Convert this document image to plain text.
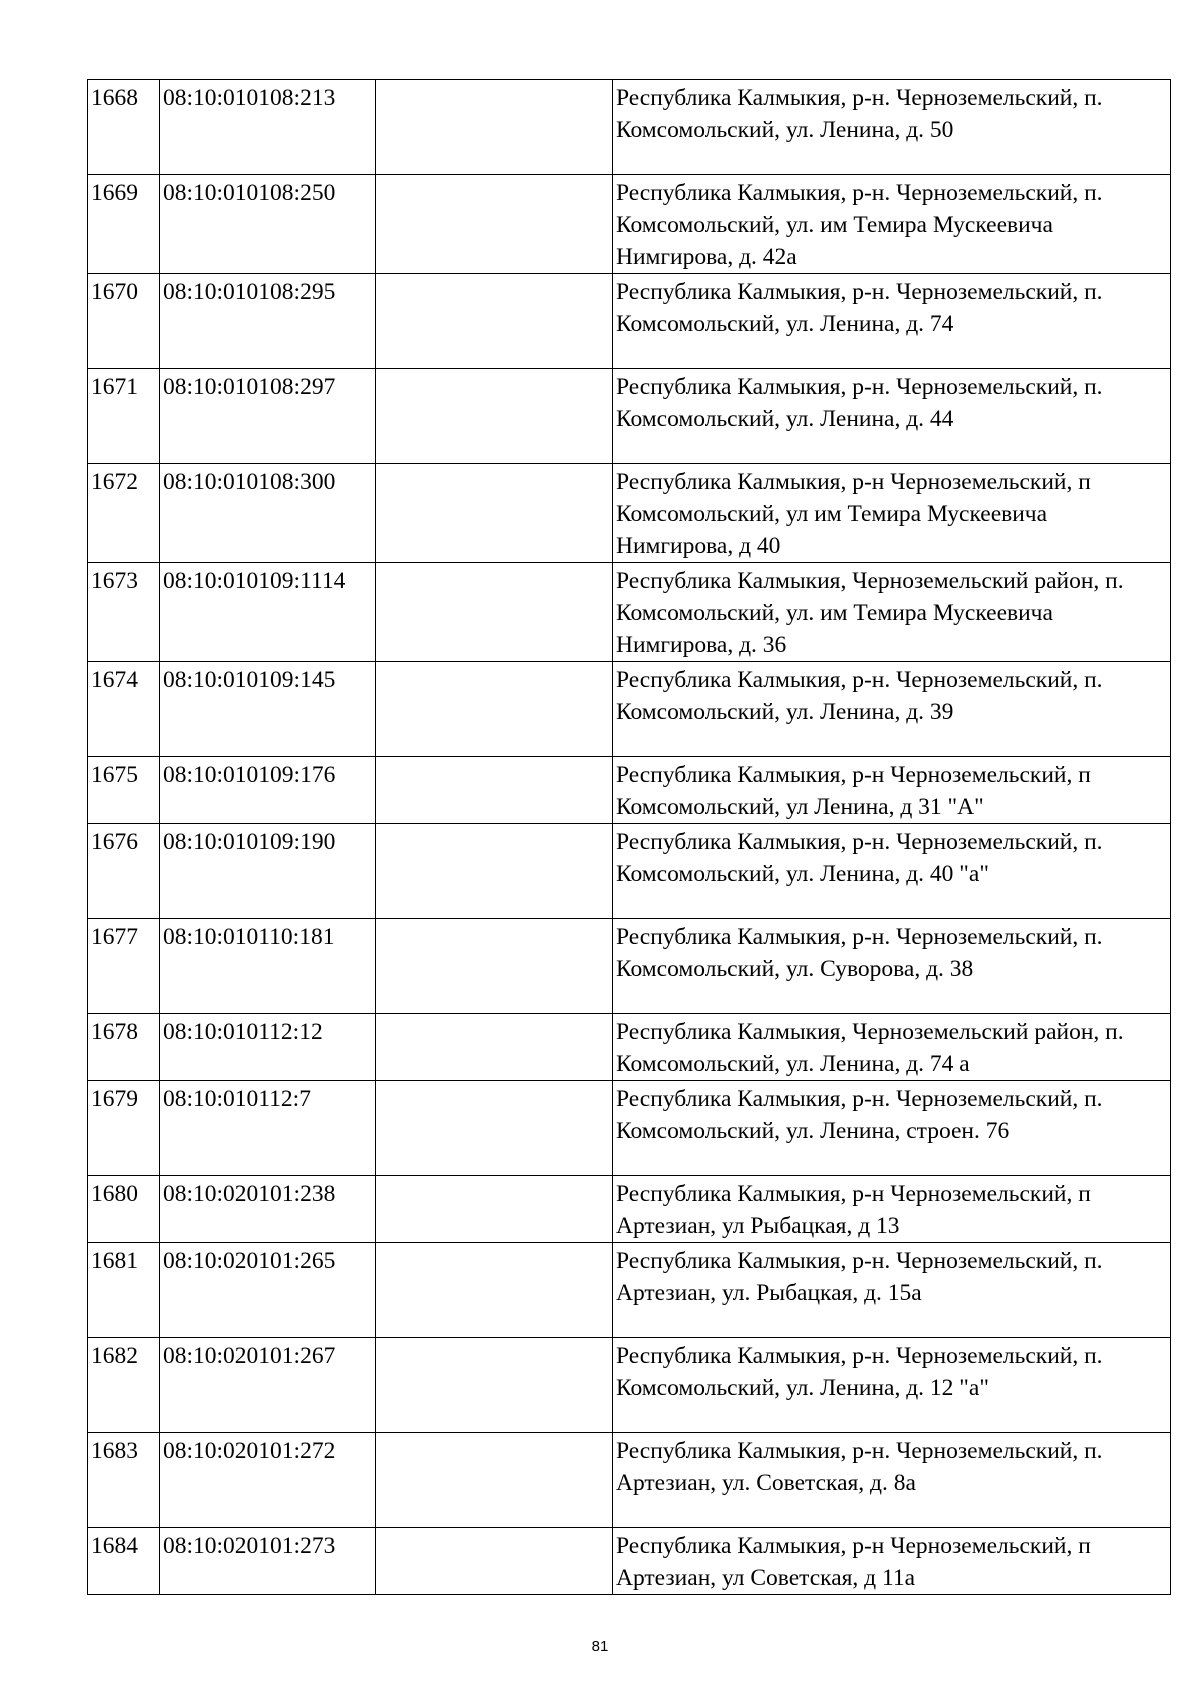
1668	08:10:010108:213		Республика Калмыкия, р-н. Черноземельский, п. Комсомольский, ул. Ленина, д. 50
1669	08:10:010108:250		Республика Калмыкия, р-н. Черноземельский, п. Комсомольский, ул. им Темира Мускеевича Нимгирова, д. 42а
1670	08:10:010108:295		Республика Калмыкия, р-н. Черноземельский, п. Комсомольский, ул. Ленина, д. 74
1671	08:10:010108:297		Республика Калмыкия, р-н. Черноземельский, п. Комсомольский, ул. Ленина, д. 44
1672	08:10:010108:300		Республика Калмыкия, р-н Черноземельский, п Комсомольский, ул им Темира Мускеевича Нимгирова, д 40
1673	08:10:010109:1114		Республика Калмыкия, Черноземельский район, п. Комсомольский, ул. им Темира Мускеевича Нимгирова, д. 36
1674	08:10:010109:145		Республика Калмыкия, р-н. Черноземельский, п. Комсомольский, ул. Ленина, д. 39
1675	08:10:010109:176		Республика Калмыкия, р-н Черноземельский, п Комсомольский, ул Ленина, д 31 "А"
1676	08:10:010109:190		Республика Калмыкия, р-н. Черноземельский, п. Комсомольский, ул. Ленина, д. 40 "а"
1677	08:10:010110:181		Республика Калмыкия, р-н. Черноземельский, п. Комсомольский, ул. Суворова, д. 38
1678	08:10:010112:12		Республика Калмыкия, Черноземельский район, п. Комсомольский, ул. Ленина, д. 74 а
1679	08:10:010112:7		Республика Калмыкия, р-н. Черноземельский, п. Комсомольский, ул. Ленина, строен. 76
1680	08:10:020101:238		Республика Калмыкия, р-н Черноземельский, п Артезиан, ул Рыбацкая, д 13
1681	08:10:020101:265		Республика Калмыкия, р-н. Черноземельский, п. Артезиан, ул. Рыбацкая, д. 15а
1682	08:10:020101:267		Республика Калмыкия, р-н. Черноземельский, п. Комсомольский, ул. Ленина, д. 12 "а"
1683	08:10:020101:272		Республика Калмыкия, р-н. Черноземельский, п. Артезиан, ул. Советская, д. 8а
1684	08:10:020101:273		Республика Калмыкия, р-н Черноземельский, п Артезиан, ул Советская, д 11а
81
